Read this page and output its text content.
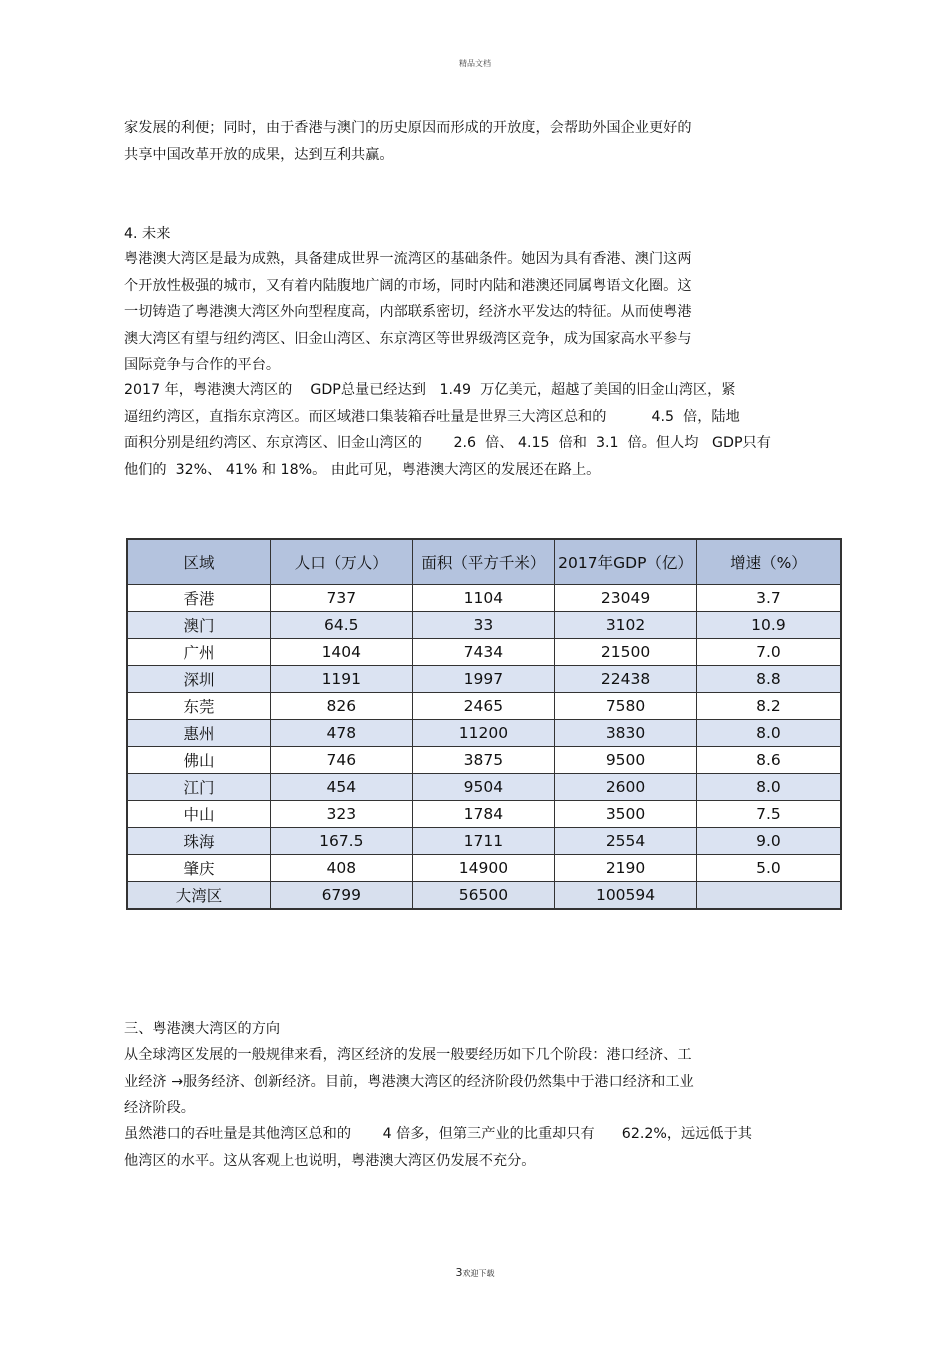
精品文档
家发展的利便；同时，由于香港与澳门的历史原因而形成的开放度，会帮助外国企业更好的
共享中国改革开放的成果，达到互利共赢。
4. 未来
粤港澳大湾区是最为成熟，具备建成世界一流湾区的基础条件。她因为具有香港、澳门这两
个开放性极强的城市，又有着内陆腹地广阔的市场，同时内陆和港澳还同属粤语文化圈。这
一切铸造了粤港澳大湾区外向型程度高，内部联系密切，经济水平发达的特征。从而使粤港
澳大湾区有望与纽约湾区、旧金山湾区、东京湾区等世界级湾区竞争，成为国家高水平参与
国际竞争与合作的平台。
2017 年，粤港澳大湾区的    GDP总量已经达到   1.49  万亿美元，超越了美国的旧金山湾区，紧
逼纽约湾区，直指东京湾区。而区域港口集装箱吞吐量是世界三大湾区总和的          4.5  倍，陆地
面积分别是纽约湾区、东京湾区、旧金山湾区的       2.6  倍、 4.15  倍和  3.1  倍。但人均   GDP只有
他们的  32%、 41% 和 18%。 由此可见，粤港澳大湾区的发展还在路上。
区域	人口（万人）	面积（平方千米）	2017年GDP（亿）	增速（%）
香港	737	1104	23049	3.7
澳门	64.5	33	3102	10.9
广州	1404	7434	21500	7.0
深圳	1191	1997	22438	8.8
东莞	826	2465	7580	8.2
惠州	478	11200	3830	8.0
佛山	746	3875	9500	8.6
江门	454	9504	2600	8.0
中山	323	1784	3500	7.5
珠海	167.5	1711	2554	9.0
肇庆	408	14900	2190	5.0
大湾区	6799	56500	100594	
三、粤港澳大湾区的方向
从全球湾区发展的一般规律来看，湾区经济的发展一般要经历如下几个阶段：港口经济、工
业经济 →服务经济、创新经济。目前，粤港澳大湾区的经济阶段仍然集中于港口经济和工业
经济阶段。
虽然港口的吞吐量是其他湾区总和的       4 倍多，但第三产业的比重却只有      62.2%，远远低于其
他湾区的水平。这从客观上也说明，粤港澳大湾区仍发展不充分。
3欢迎下载
